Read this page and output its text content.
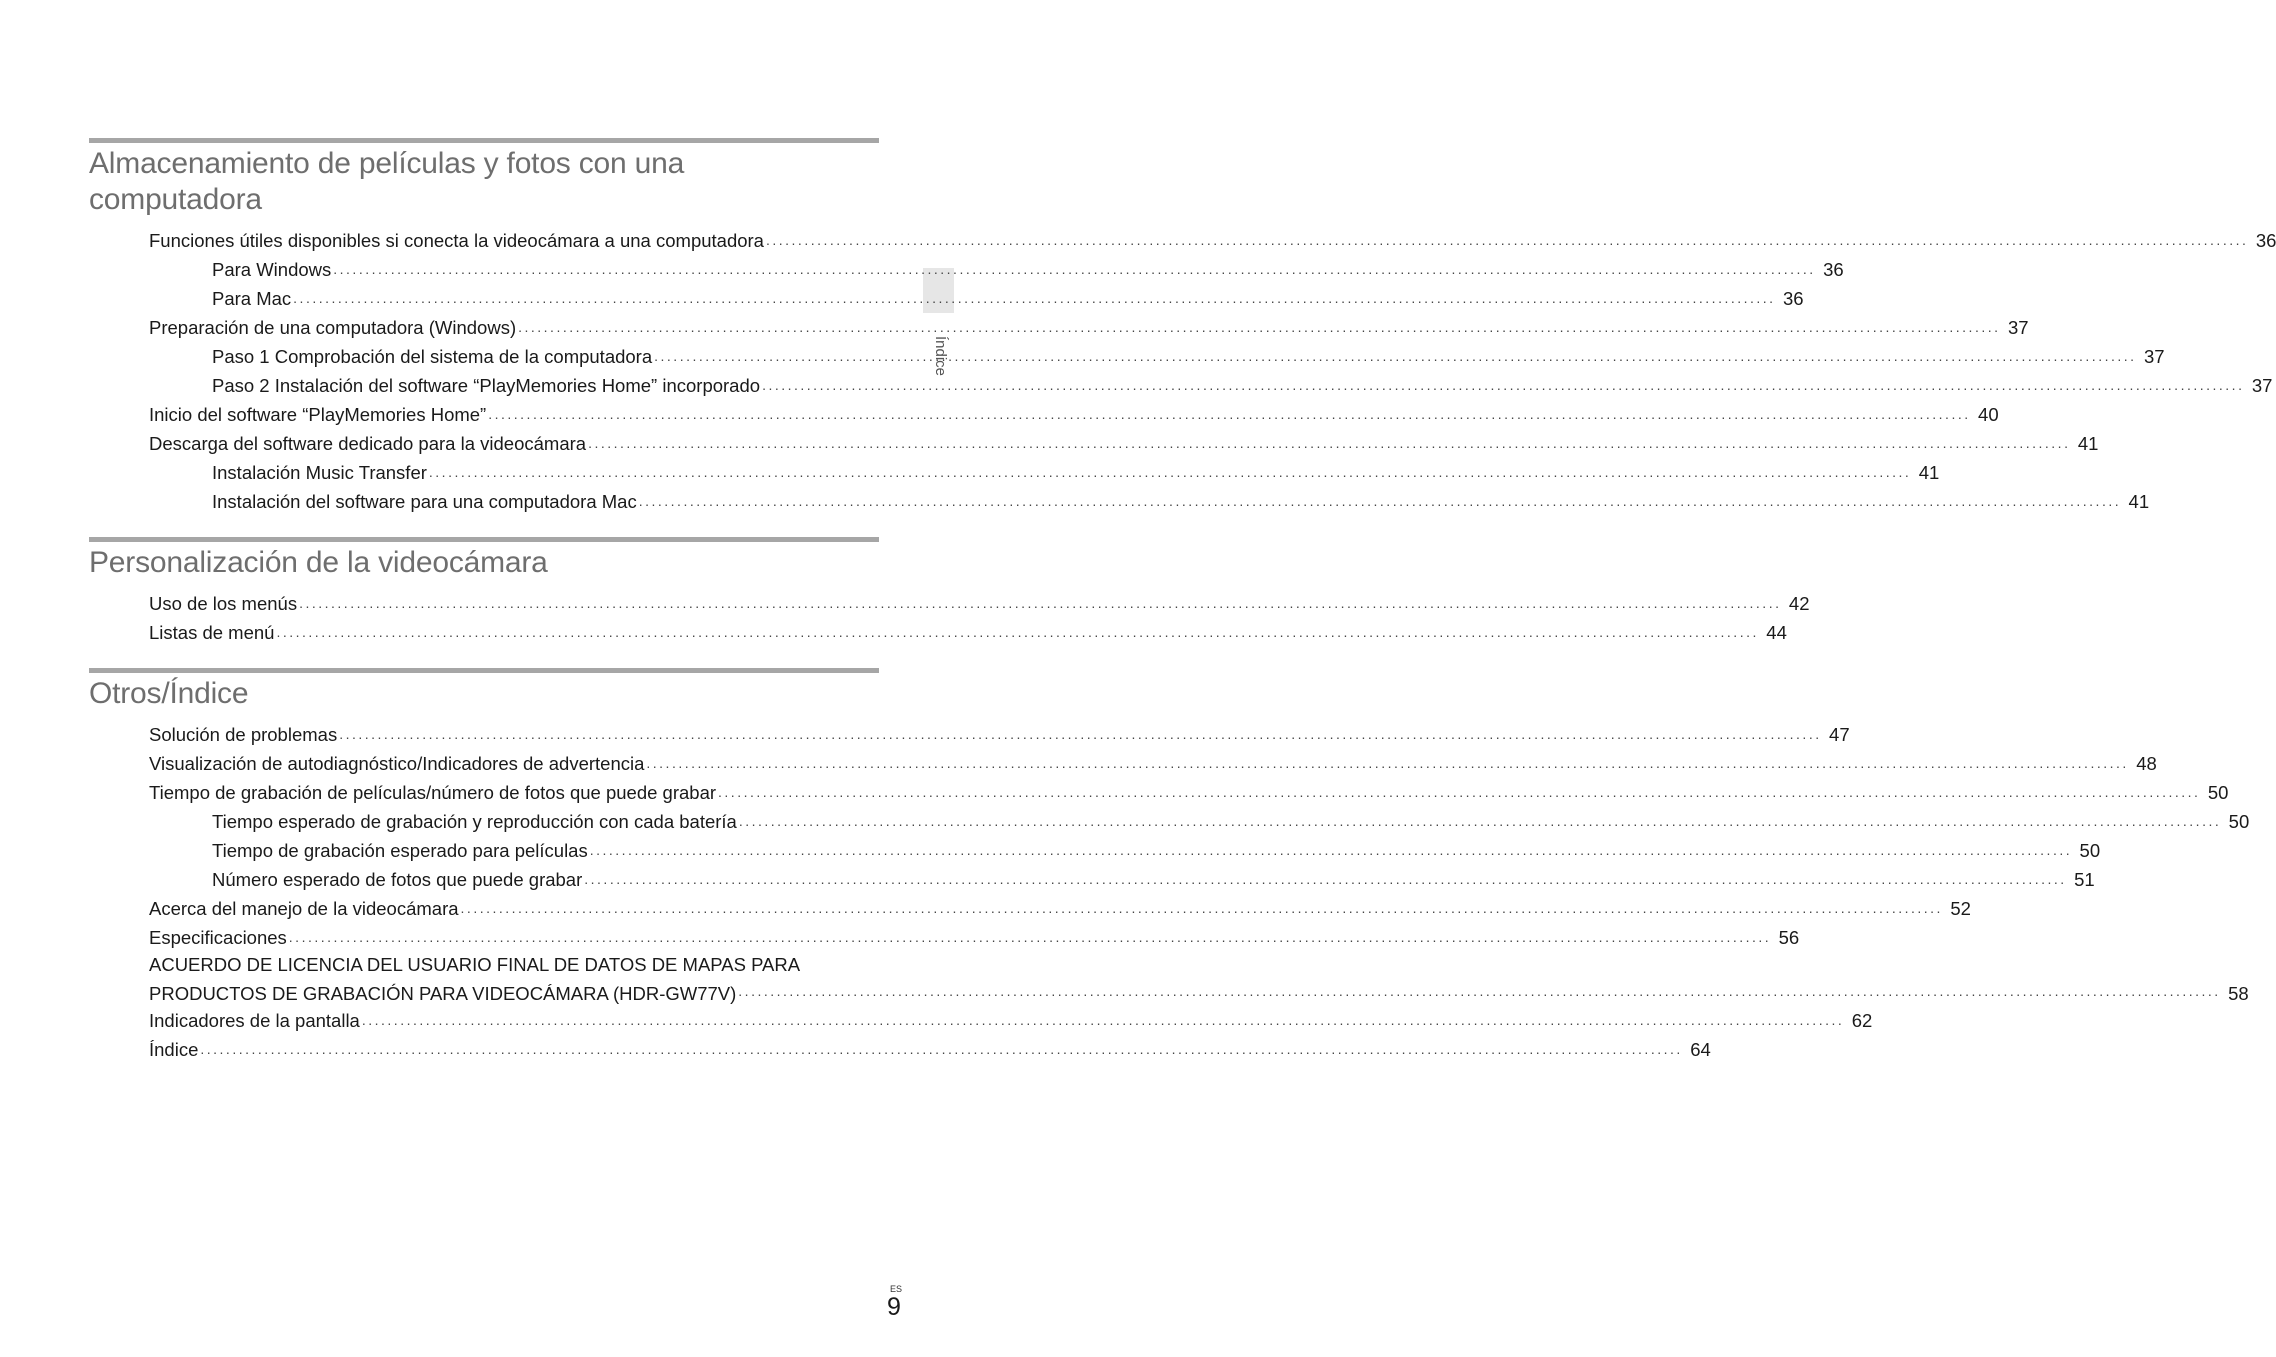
Índice
Almacenamiento de películas y fotos con una
computadora
Funciones útiles disponibles si conecta la videocámara a una computadora .....	36
Para Windows .....	36
Para Mac .....	36
Preparación de una computadora (Windows) .....	37
Paso 1 Comprobación del sistema de la computadora .....	37
Paso 2 Instalación del software “PlayMemories Home” incorporado .....	37
Inicio del software “PlayMemories Home” .....	40
Descarga del software dedicado para la videocámara .....	41
Instalación Music Transfer .....	41
Instalación del software para una computadora Mac .....	41
Personalización de la videocámara
Uso de los menús .....	42
Listas de menú .....	44
Otros/Índice
Solución de problemas .....	47
Visualización de autodiagnóstico/Indicadores de advertencia .....	48
Tiempo de grabación de películas/número de fotos que puede grabar .....	50
Tiempo esperado de grabación y reproducción con cada batería .....	50
Tiempo de grabación esperado para películas .....	50
Número esperado de fotos que puede grabar .....	51
Acerca del manejo de la videocámara .....	52
Especificaciones .....	56
ACUERDO DE LICENCIA DEL USUARIO FINAL DE DATOS DE MAPAS PARA
PRODUCTOS DE GRABACIÓN PARA VIDEOCÁMARA (HDR-GW77V) .....	58
Indicadores de la pantalla .....	62
Índice .....	64
ES
9
